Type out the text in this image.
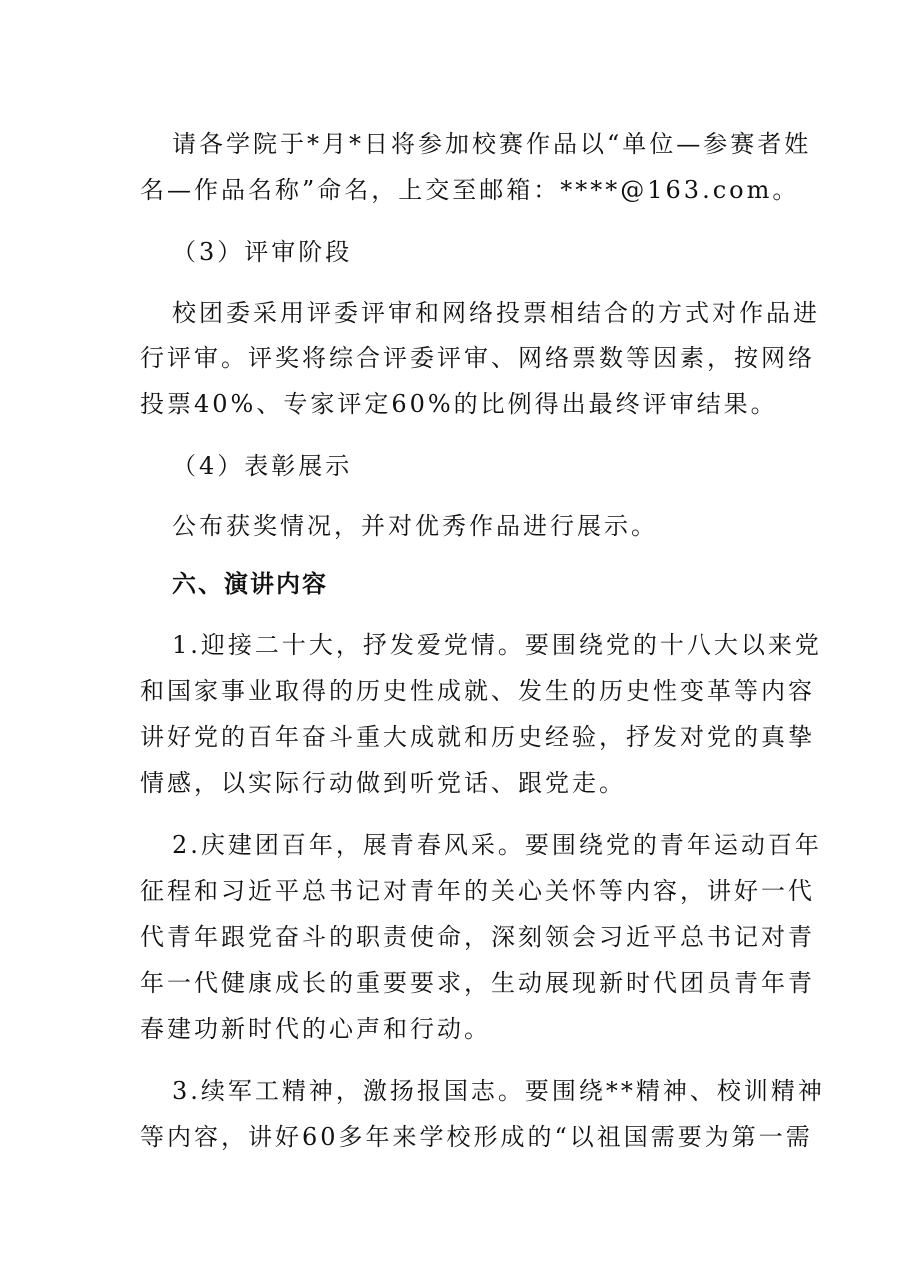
请各学院于*月*日将参加校赛作品以“单位—参赛者姓
名—作品名称”命名，上交至邮箱：****@163.com。
（3）评审阶段
校团委采用评委评审和网络投票相结合的方式对作品进
行评审。评奖将综合评委评审、网络票数等因素，按网络
投票40%、专家评定60%的比例得出最终评审结果。
（4）表彰展示
公布获奖情况，并对优秀作品进行展示。
六、演讲内容
1.迎接二十大，抒发爱党情。要围绕党的十八大以来党
和国家事业取得的历史性成就、发生的历史性变革等内容
讲好党的百年奋斗重大成就和历史经验，抒发对党的真挚
情感，以实际行动做到听党话、跟党走。
2.庆建团百年，展青春风采。要围绕党的青年运动百年
征程和习近平总书记对青年的关心关怀等内容，讲好一代
代青年跟党奋斗的职责使命，深刻领会习近平总书记对青
年一代健康成长的重要要求，生动展现新时代团员青年青
春建功新时代的心声和行动。
3.续军工精神，激扬报国志。要围绕**精神、校训精神
等内容，讲好60多年来学校形成的“以祖国需要为第一需
